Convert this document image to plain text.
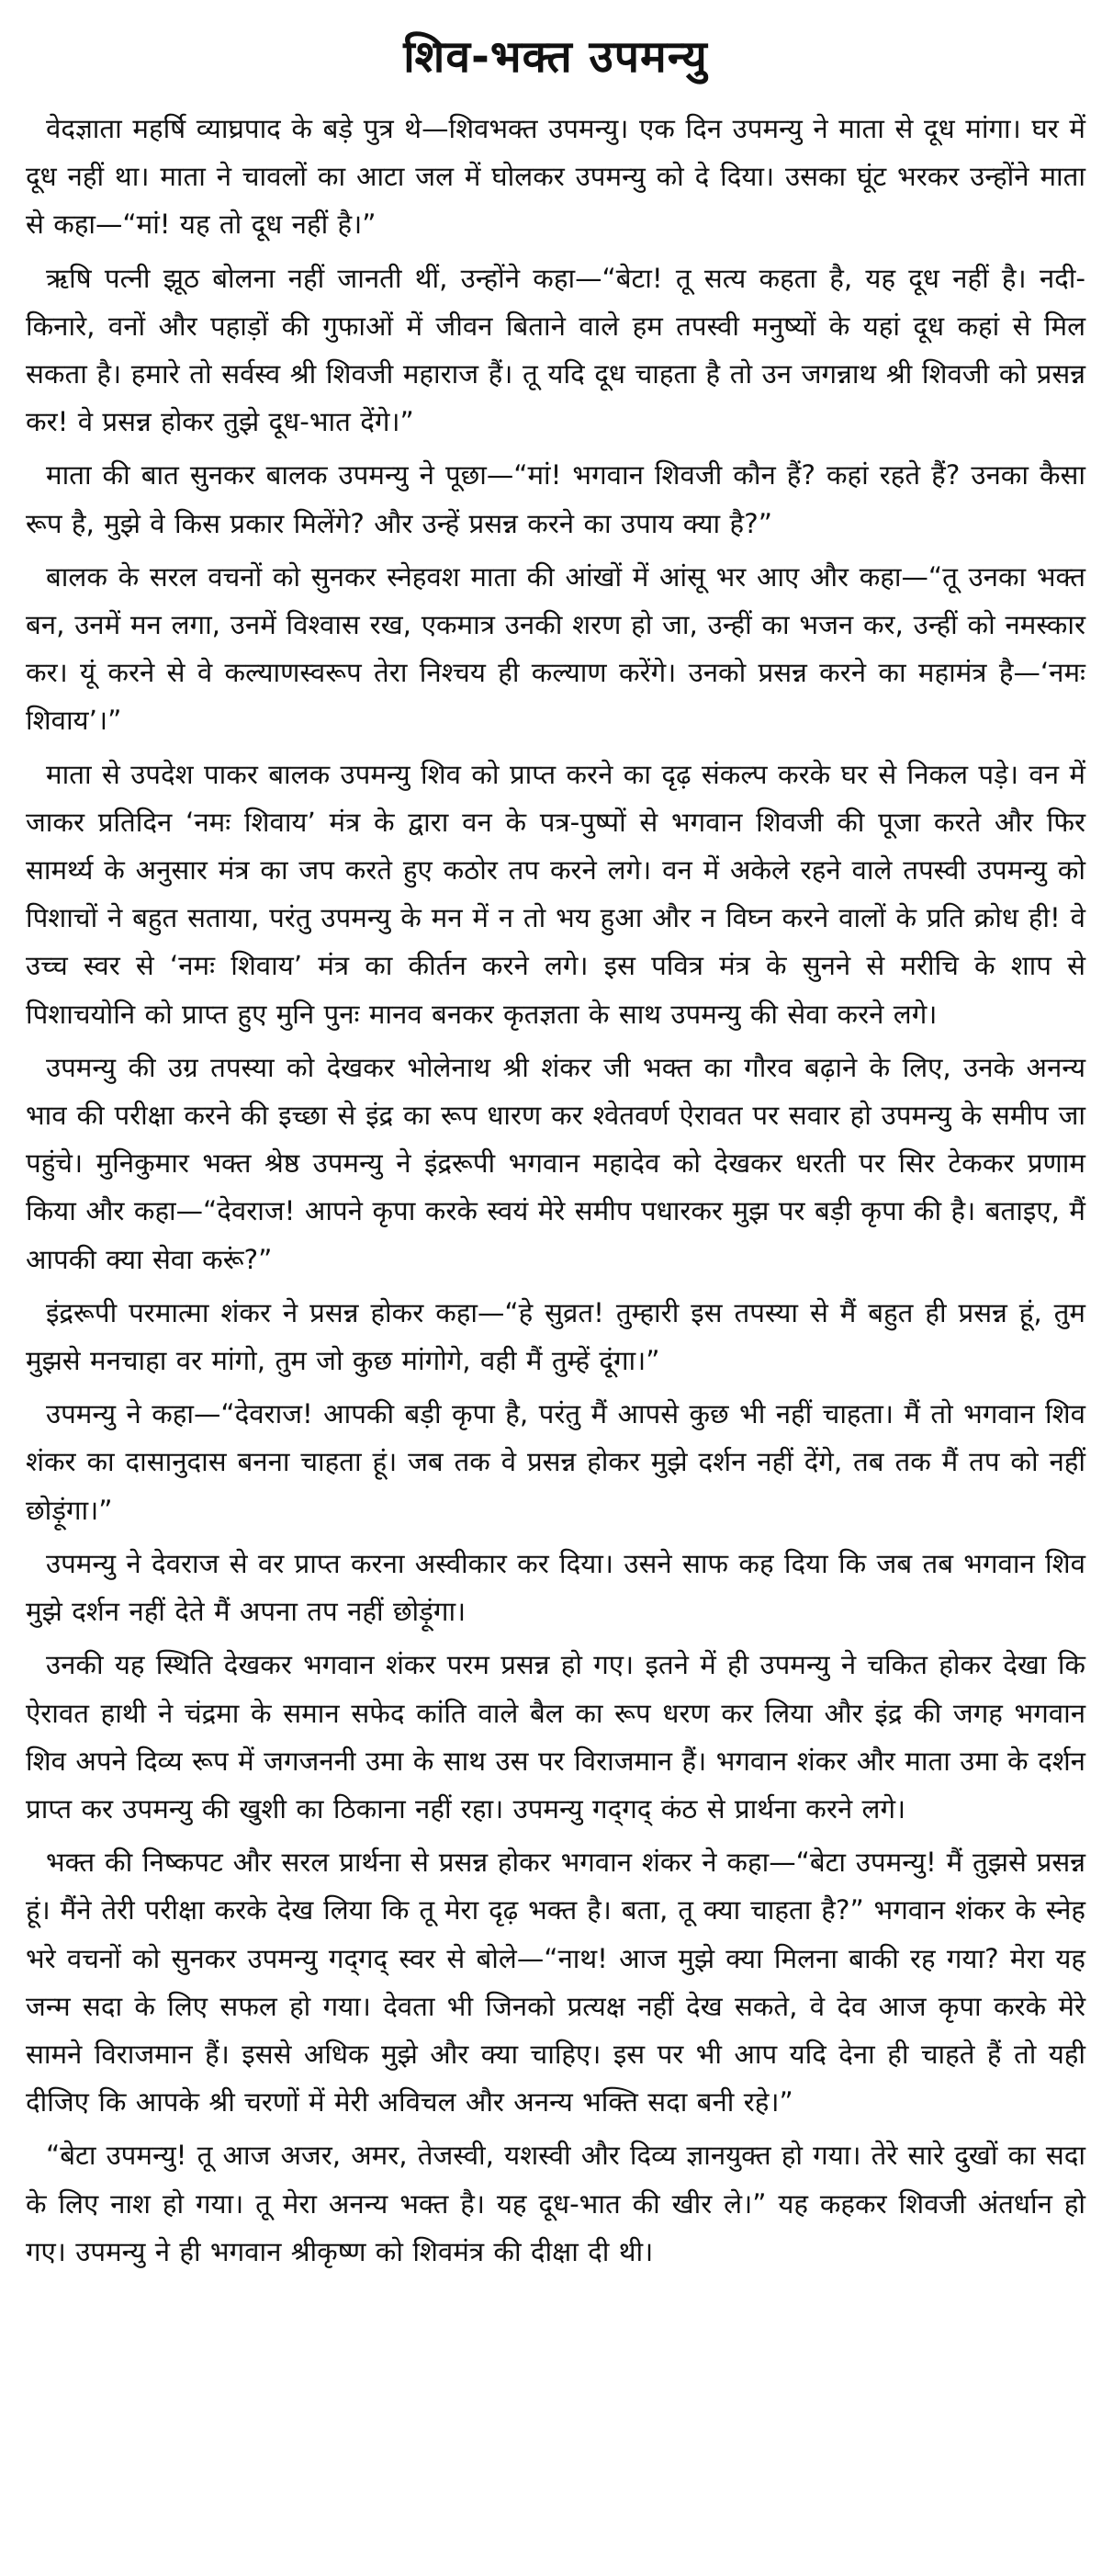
शिव-भक्त उपमन्यु

वेदज्ञाता महर्षि व्याघ्रपाद के बड़े पुत्र थे—शिवभक्त उपमन्यु। एक दिन उपमन्यु ने माता से दूध मांगा। घर में दूध नहीं था। माता ने चावलों का आटा जल में घोलकर उपमन्यु को दे दिया। उसका घूंट भरकर उन्होंने माता से कहा—“मां! यह तो दूध नहीं है।”

ऋषि पत्नी झूठ बोलना नहीं जानती थीं, उन्होंने कहा—“बेटा! तू सत्य कहता है, यह दूध नहीं है। नदी-किनारे, वनों और पहाड़ों की गुफाओं में जीवन बिताने वाले हम तपस्वी मनुष्यों के यहां दूध कहां से मिल सकता है। हमारे तो सर्वस्व श्री शिवजी महाराज हैं। तू यदि दूध चाहता है तो उन जगन्नाथ श्री शिवजी को प्रसन्न कर! वे प्रसन्न होकर तुझे दूध-भात देंगे।”

माता की बात सुनकर बालक उपमन्यु ने पूछा—“मां! भगवान शिवजी कौन हैं? कहां रहते हैं? उनका कैसा रूप है, मुझे वे किस प्रकार मिलेंगे? और उन्हें प्रसन्न करने का उपाय क्या है?”

बालक के सरल वचनों को सुनकर स्नेहवश माता की आंखों में आंसू भर आए और कहा—“तू उनका भक्त बन, उनमें मन लगा, उनमें विश्वास रख, एकमात्र उनकी शरण हो जा, उन्हीं का भजन कर, उन्हीं को नमस्कार कर। यूं करने से वे कल्याणस्वरूप तेरा निश्चय ही कल्याण करेंगे। उनको प्रसन्न करने का महामंत्र है—‘नमः शिवाय’।”

माता से उपदेश पाकर बालक उपमन्यु शिव को प्राप्त करने का दृढ़ संकल्प करके घर से निकल पड़े। वन में जाकर प्रतिदिन ‘नमः शिवाय’ मंत्र के द्वारा वन के पत्र-पुष्पों से भगवान शिवजी की पूजा करते और फिर सामर्थ्य के अनुसार मंत्र का जप करते हुए कठोर तप करने लगे। वन में अकेले रहने वाले तपस्वी उपमन्यु को पिशाचों ने बहुत सताया, परंतु उपमन्यु के मन में न तो भय हुआ और न विघ्न करने वालों के प्रति क्रोध ही! वे उच्च स्वर से ‘नमः शिवाय’ मंत्र का कीर्तन करने लगे। इस पवित्र मंत्र के सुनने से मरीचि के शाप से पिशाचयोनि को प्राप्त हुए मुनि पुनः मानव बनकर कृतज्ञता के साथ उपमन्यु की सेवा करने लगे।

उपमन्यु की उग्र तपस्या को देखकर भोलेनाथ श्री शंकर जी भक्त का गौरव बढ़ाने के लिए, उनके अनन्य भाव की परीक्षा करने की इच्छा से इंद्र का रूप धारण कर श्वेतवर्ण ऐरावत पर सवार हो उपमन्यु के समीप जा पहुंचे। मुनिकुमार भक्त श्रेष्ठ उपमन्यु ने इंद्ररूपी भगवान महादेव को देखकर धरती पर सिर टेककर प्रणाम किया और कहा—“देवराज! आपने कृपा करके स्वयं मेरे समीप पधारकर मुझ पर बड़ी कृपा की है। बताइए, मैं आपकी क्या सेवा करूं?”

इंद्ररूपी परमात्मा शंकर ने प्रसन्न होकर कहा—“हे सुव्रत! तुम्हारी इस तपस्या से मैं बहुत ही प्रसन्न हूं, तुम मुझसे मनचाहा वर मांगो, तुम जो कुछ मांगोगे, वही मैं तुम्हें दूंगा।”

उपमन्यु ने कहा—“देवराज! आपकी बड़ी कृपा है, परंतु मैं आपसे कुछ भी नहीं चाहता। मैं तो भगवान शिव शंकर का दासानुदास बनना चाहता हूं। जब तक वे प्रसन्न होकर मुझे दर्शन नहीं देंगे, तब तक मैं तप को नहीं छोड़ूंगा।”

उपमन्यु ने देवराज से वर प्राप्त करना अस्वीकार कर दिया। उसने साफ कह दिया कि जब तब भगवान शिव मुझे दर्शन नहीं देते मैं अपना तप नहीं छोड़ूंगा।

उनकी यह स्थिति देखकर भगवान शंकर परम प्रसन्न हो गए। इतने में ही उपमन्यु ने चकित होकर देखा कि ऐरावत हाथी ने चंद्रमा के समान सफेद कांति वाले बैल का रूप धरण कर लिया और इंद्र की जगह भगवान शिव अपने दिव्य रूप में जगजननी उमा के साथ उस पर विराजमान हैं। भगवान शंकर और माता उमा के दर्शन प्राप्त कर उपमन्यु की खुशी का ठिकाना नहीं रहा। उपमन्यु गद्‌गद् कंठ से प्रार्थना करने लगे।

भक्त की निष्कपट और सरल प्रार्थना से प्रसन्न होकर भगवान शंकर ने कहा—“बेटा उपमन्यु! मैं तुझसे प्रसन्न हूं। मैंने तेरी परीक्षा करके देख लिया कि तू मेरा दृढ़ भक्त है। बता, तू क्या चाहता है?” भगवान शंकर के स्नेह भरे वचनों को सुनकर उपमन्यु गद्‌गद् स्वर से बोले—“नाथ! आज मुझे क्या मिलना बाकी रह गया? मेरा यह जन्म सदा के लिए सफल हो गया। देवता भी जिनको प्रत्यक्ष नहीं देख सकते, वे देव आज कृपा करके मेरे सामने विराजमान हैं। इससे अधिक मुझे और क्या चाहिए। इस पर भी आप यदि देना ही चाहते हैं तो यही दीजिए कि आपके श्री चरणों में मेरी अविचल और अनन्य भक्ति सदा बनी रहे।”

“बेटा उपमन्यु! तू आज अजर, अमर, तेजस्वी, यशस्वी और दिव्य ज्ञानयुक्त हो गया। तेरे सारे दुखों का सदा के लिए नाश हो गया। तू मेरा अनन्य भक्त है। यह दूध-भात की खीर ले।” यह कहकर शिवजी अंतर्धान हो गए। उपमन्यु ने ही भगवान श्रीकृष्ण को शिवमंत्र की दीक्षा दी थी।
